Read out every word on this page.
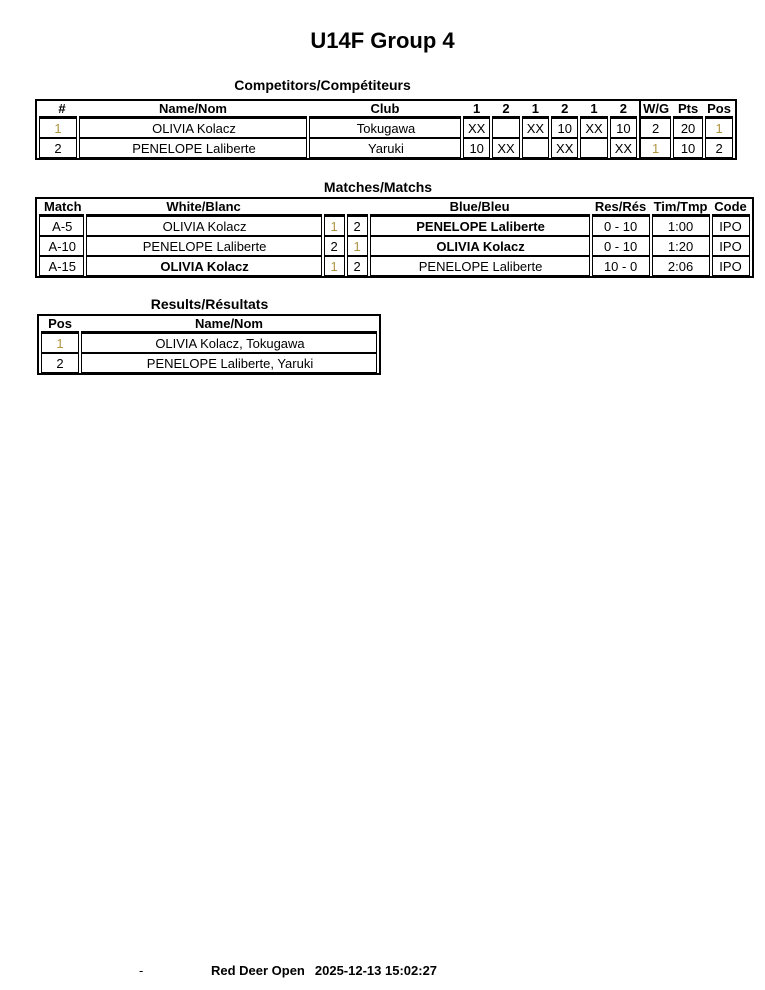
U14F Group 4
Competitors/Compétiteurs
#	Name/Nom	Club	1	2	1	2	1	2	W/G	Pts	Pos
1	OLIVIA Kolacz	Tokugawa	XX		XX	10	XX	10	2	20	1
2	PENELOPE Laliberte	Yaruki	10	XX		XX		XX	1	10	2
Matches/Matchs
Match	White/Blanc			Blue/Bleu	Res/Rés	Tim/Tmp	Code
A-5	OLIVIA Kolacz	1	2	PENELOPE Laliberte	0 - 10	1:00	IPO
A-10	PENELOPE Laliberte	2	1	OLIVIA Kolacz	0 - 10	1:20	IPO
A-15	OLIVIA Kolacz	1	2	PENELOPE Laliberte	10 - 0	2:06	IPO
Results/Résultats
Pos	Name/Nom
1	OLIVIA Kolacz, Tokugawa
2	PENELOPE Laliberte, Yaruki
-	Red Deer Open 2025-12-13 15:02:27
